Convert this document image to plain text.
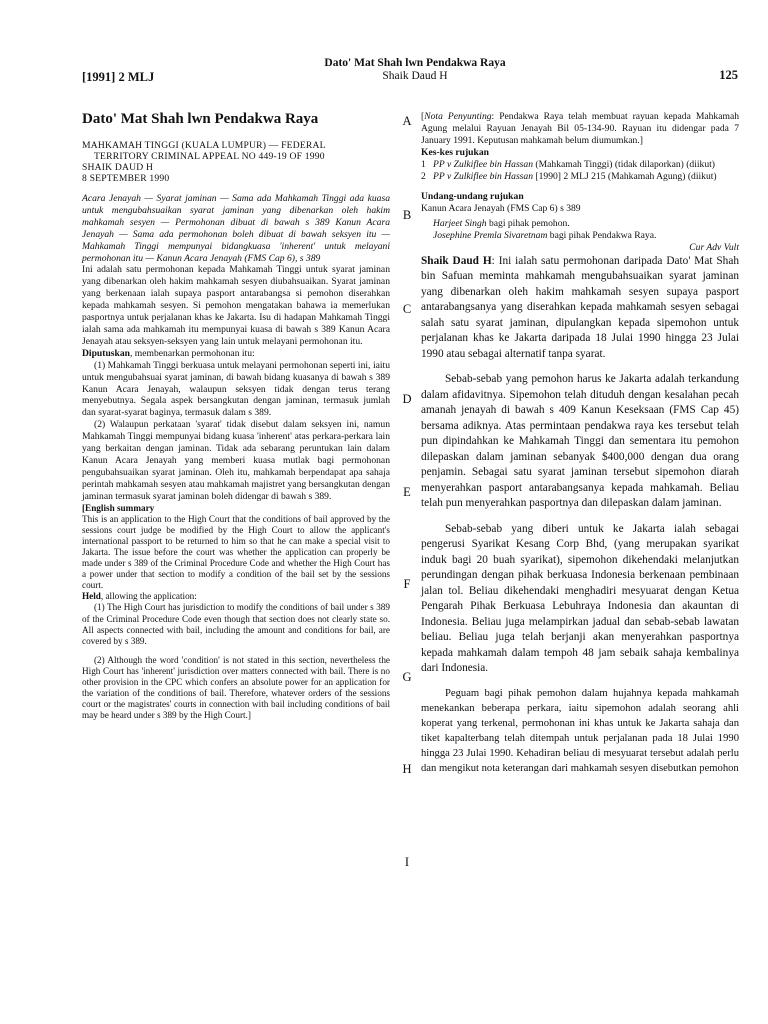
[1991] 2 MLJ
Dato' Mat Shah lwn Pendakwa Raya
Shaik Daud H	125
A
B
C
D
E
F
G
H
I
Dato' Mat Shah lwn Pendakwa Raya
MAHKAMAH TINGGI (KUALA LUMPUR) — FEDERAL
TERRITORY CRIMINAL APPEAL NO 449-19 OF 1990
SHAIK DAUD H
8 SEPTEMBER 1990

Acara Jenayah — Syarat jaminan — Sama ada Mahkamah Tinggi ada kuasa untuk mengubahsuaikan syarat jaminan yang dibenarkan oleh hakim mahkamah sesyen — Permohonan dibuat di bawah s 389 Kanun Acara Jenayah — Sama ada permohonan boleh dibuat di bawah seksyen itu — Mahkamah Tinggi mempunyai bidangkuasa 'inherent' untuk melayani permohonan itu — Kanun Acara Jenayah (FMS Cap 6), s 389

Ini adalah satu permohonan kepada Mahkamah Tinggi untuk syarat jaminan yang dibenarkan oleh hakim mahkamah sesyen diubahsuaikan. Syarat jaminan yang berkenaan ialah supaya pasport antarabangsa si pemohon diserahkan kepada mahkamah sesyen. Si pemohon mengatakan bahawa ia memerlukan pasportnya untuk perjalanan khas ke Jakarta. Isu di hadapan Mahkamah Tinggi ialah sama ada mahkamah itu mempunyai kuasa di bawah s 389 Kanun Acara Jenayah atau seksyen-seksyen yang lain untuk melayani permohonan itu.

Diputuskan, membenarkan permohonan itu:

(1) Mahkamah Tinggi berkuasa untuk melayani permohonan seperti ini, iaitu untuk mengubahsuai syarat jaminan, di bawah bidang kuasanya di bawah s 389 Kanun Acara Jenayah, walaupun seksyen tidak dengan terus terang menyebutnya. Segala aspek bersangkutan dengan jaminan, termasuk jumlah dan syarat-syarat baginya, termasuk dalam s 389.

(2) Walaupun perkataan 'syarat' tidak disebut dalam seksyen ini, namun Mahkamah Tinggi mempunyai bidang kuasa 'inherent' atas perkara-perkara lain yang berkaitan dengan jaminan. Tidak ada sebarang peruntukan lain dalam Kanun Acara Jenayah yang memberi kuasa mutlak bagi permohonan pengubahsuaikan syarat jaminan. Oleh itu, mahkamah berpendapat apa sahaja perintah mahkamah sesyen atau mahkamah majistret yang bersangkutan dengan jaminan termasuk syarat jaminan boleh didengar di bawah s 389.

[English summary

This is an application to the High Court that the conditions of bail approved by the sessions court judge be modified by the High Court to allow the applicant's international passport to be returned to him so that he can make a special visit to Jakarta. The issue before the court was whether the application can properly be made under s 389 of the Criminal Procedure Code and whether the High Court has a power under that section to modify a condition of the bail set by the sessions court.

Held, allowing the application:

(1) The High Court has jurisdiction to modify the conditions of bail under s 389 of the Criminal Procedure Code even though that section does not clearly state so. All aspects connected with bail, including the amount and conditions for bail, are covered by s 389.

(2) Although the word 'condition' is not stated in this section, nevertheless the High Court has 'inherent' jurisdiction over matters connected with bail. There is no other provision in the CPC which confers an absolute power for an application for the variation of the conditions of bail. Therefore, whatever orders of the sessions court or the magistrates' courts in connection with bail including conditions of bail may be heard under s 389 by the High Court.]

[Nota Penyunting: Pendakwa Raya telah membuat rayuan kepada Mahkamah Agung melalui Rayuan Jenayah Bil 05-134-90. Rayuan itu didengar pada 7 January 1991. Keputusan mahkamah belum diumumkan.]

Kes-kes rujukan

1 PP v Zulkiflee bin Hassan (Mahkamah Tinggi) (tidak dilaporkan) (diikut)
2 PP v Zulkiflee bin Hassan [1990] 2 MLJ 215 (Mahkamah Agung) (diikut)

Undang-undang rujukan

Kanun Acara Jenayah (FMS Cap 6) s 389

Harjeet Singh bagi pihak pemohon.

Josephine Premla Sivaretnam bagi pihak Pendakwa Raya.

Cur Adv Vult

Shaik Daud H: Ini ialah satu permohonan daripada Dato' Mat Shah bin Safuan meminta mahkamah mengubahsuaikan syarat jaminan yang dibenarkan oleh hakim mahkamah sesyen supaya pasport antarabangsanya yang diserahkan kepada mahkamah sesyen sebagai salah satu syarat jaminan, dipulangkan kepada sipemohon untuk perjalanan khas ke Jakarta daripada 18 Julai 1990 hingga 23 Julai 1990 atau sebagai alternatif tanpa syarat.

Sebab-sebab yang pemohon harus ke Jakarta adalah terkandung dalam afidavitnya. Sipemohon telah dituduh dengan kesalahan pecah amanah jenayah di bawah s 409 Kanun Keseksaan (FMS Cap 45) bersama adiknya. Atas permintaan pendakwa raya kes tersebut telah pun dipindahkan ke Mahkamah Tinggi dan sementara itu pemohon dilepaskan dalam jaminan sebanyak $400,000 dengan dua orang penjamin. Sebagai satu syarat jaminan tersebut sipemohon diarah menyerahkan pasport antarabangsanya kepada mahkamah. Beliau telah pun menyerahkan pasportnya dan dilepaskan dalam jaminan.

Sebab-sebab yang diberi untuk ke Jakarta ialah sebagai pengerusi Syarikat Kesang Corp Bhd, (yang merupakan syarikat induk bagi 20 buah syarikat), sipemohon dikehendaki melanjutkan perundingan dengan pihak berkuasa Indonesia berkenaan pembinaan jalan tol. Beliau dikehendaki menghadiri mesyuarat dengan Ketua Pengarah Pihak Berkuasa Lebuhraya Indonesia dan akauntan di Indonesia. Beliau juga melampirkan jadual dan sebab-sebab lawatan beliau. Beliau juga telah berjanji akan menyerahkan pasportnya kepada mahkamah dalam tempoh 48 jam sebaik sahaja kembalinya dari Indonesia.

Peguam bagi pihak pemohon dalam hujahnya kepada mahkamah menekankan beberapa perkara, iaitu sipemohon adalah seorang ahli koperat yang terkenal, permohonan ini khas untuk ke Jakarta sahaja dan tiket kapalterbang telah ditempah untuk perjalanan pada 18 Julai 1990 hingga 23 Julai 1990. Kehadiran beliau di mesyuarat tersebut adalah perlu dan mengikut nota keterangan dari mahkamah sesyen disebutkan pemohon
